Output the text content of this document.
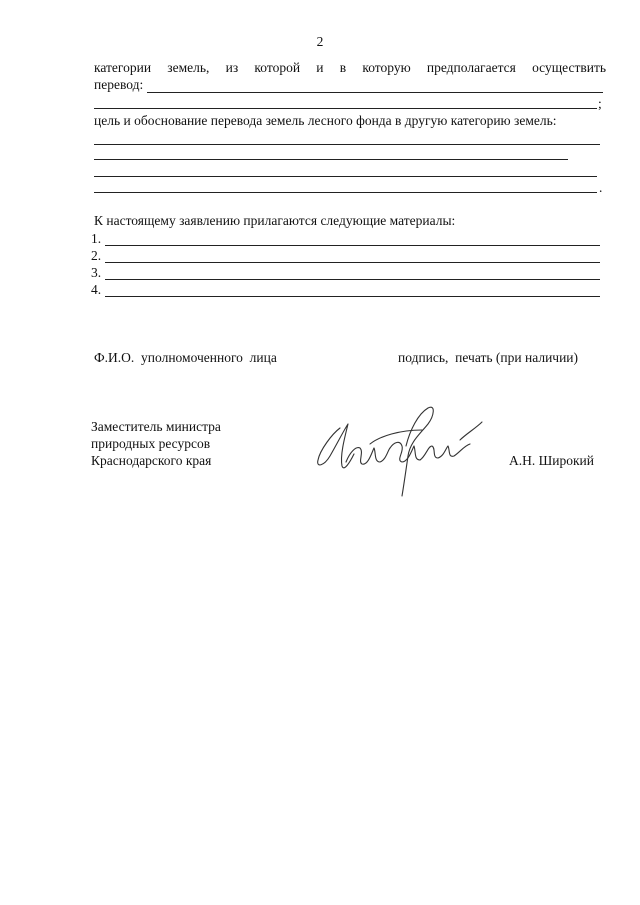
2
категории земель, из которой и в которую предполагается осуществить
перевод:
;
цель и обоснование перевода земель лесного фонда в другую категорию земель:
.
К настоящему заявлению прилагаются следующие материалы:
1.
2.
3.
4.
Ф.И.О.  уполномоченного  лица	подпись,  печать (при наличии)
Заместитель министра
природных ресурсов
Краснодарского края	А.Н. Широкий
